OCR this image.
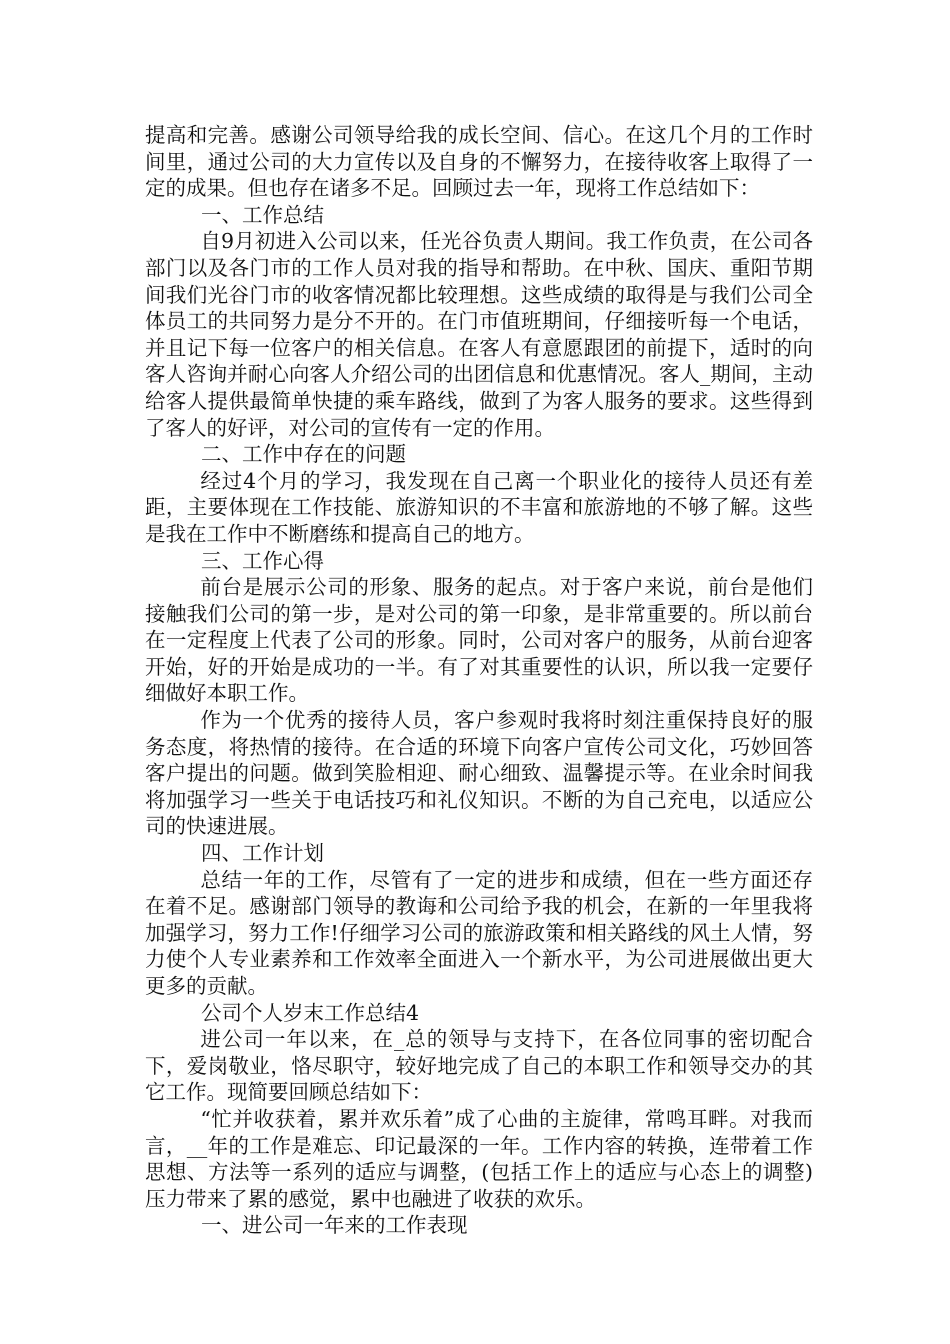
提高和完善。感谢公司领导给我的成长空间、信心。在这几个月的工作时间里，通过公司的大力宣传以及自身的不懈努力，在接待收客上取得了一定的成果。但也存在诸多不足。回顾过去一年，现将工作总结如下：

一、工作总结

自9月初进入公司以来，任光谷负责人期间。我工作负责，在公司各部门以及各门市的工作人员对我的指导和帮助。在中秋、国庆、重阳节期间我们光谷门市的收客情况都比较理想。这些成绩的取得是与我们公司全体员工的共同努力是分不开的。在门市值班期间，仔细接听每一个电话，并且记下每一位客户的相关信息。在客人有意愿跟团的前提下，适时的向客人咨询并耐心向客人介绍公司的出团信息和优惠情况。客人_期间，主动给客人提供最简单快捷的乘车路线，做到了为客人服务的要求。这些得到了客人的好评，对公司的宣传有一定的作用。

二、工作中存在的问题

经过4个月的学习，我发现在自己离一个职业化的接待人员还有差距，主要体现在工作技能、旅游知识的不丰富和旅游地的不够了解。这些是我在工作中不断磨练和提高自己的地方。

三、工作心得

前台是展示公司的形象、服务的起点。对于客户来说，前台是他们接触我们公司的第一步，是对公司的第一印象，是非常重要的。所以前台在一定程度上代表了公司的形象。同时，公司对客户的服务，从前台迎客开始，好的开始是成功的一半。有了对其重要性的认识，所以我一定要仔细做好本职工作。

作为一个优秀的接待人员，客户参观时我将时刻注重保持良好的服务态度，将热情的接待。在合适的环境下向客户宣传公司文化，巧妙回答客户提出的问题。做到笑脸相迎、耐心细致、温馨提示等。在业余时间我将加强学习一些关于电话技巧和礼仪知识。不断的为自己充电，以适应公司的快速进展。

四、工作计划

总结一年的工作，尽管有了一定的进步和成绩，但在一些方面还存在着不足。感谢部门领导的教诲和公司给予我的机会，在新的一年里我将加强学习，努力工作!仔细学习公司的旅游政策和相关路线的风土人情，努力使个人专业素养和工作效率全面进入一个新水平，为公司进展做出更大更多的贡献。

公司个人岁末工作总结4

进公司一年以来，在_总的领导与支持下，在各位同事的密切配合下，爱岗敬业，恪尽职守，较好地完成了自己的本职工作和领导交办的其它工作。现简要回顾总结如下：

“忙并收获着，累并欢乐着”成了心曲的主旋律，常鸣耳畔。对我而言，__年的工作是难忘、印记最深的一年。工作内容的转换，连带着工作思想、方法等一系列的适应与调整，(包括工作上的适应与心态上的调整)压力带来了累的感觉，累中也融进了收获的欢乐。

一、进公司一年来的工作表现
